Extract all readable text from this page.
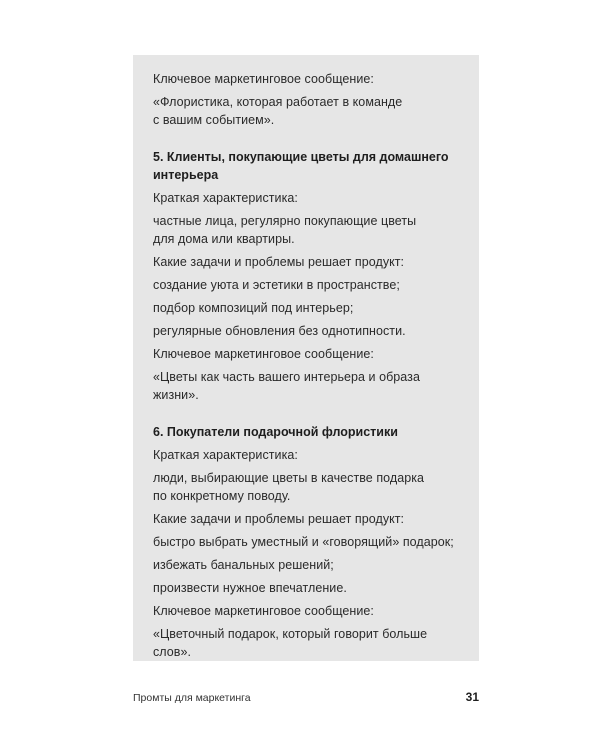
Ключевое маркетинговое сообщение:
«Флористика, которая работает в команде
с вашим событием».
5. Клиенты, покупающие цветы для домашнего
интерьера
Краткая характеристика:
частные лица, регулярно покупающие цветы
для дома или квартиры.
Какие задачи и проблемы решает продукт:
создание уюта и эстетики в пространстве;
подбор композиций под интерьер;
регулярные обновления без однотипности.
Ключевое маркетинговое сообщение:
«Цветы как часть вашего интерьера и образа
жизни».
6. Покупатели подарочной флористики
Краткая характеристика:
люди, выбирающие цветы в качестве подарка
по конкретному поводу.
Какие задачи и проблемы решает продукт:
быстро выбрать уместный и «говорящий» подарок;
избежать банальных решений;
произвести нужное впечатление.
Ключевое маркетинговое сообщение:
«Цветочный подарок, который говорит больше
слов».
Промты для маркетинга	31
